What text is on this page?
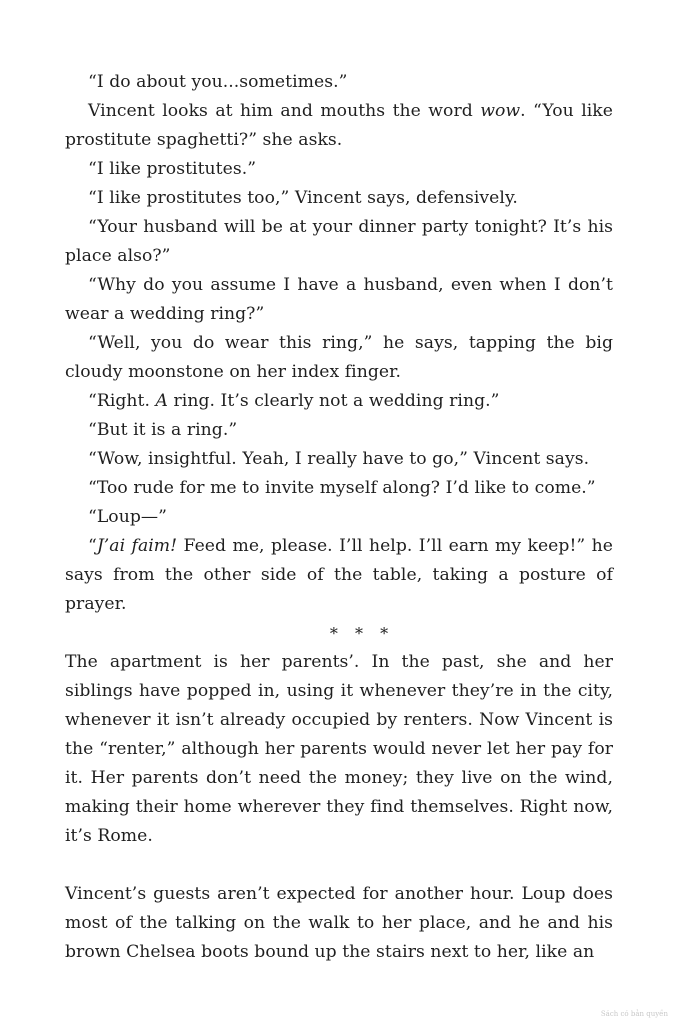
“I do about you...sometimes.”

Vincent looks at him and mouths the word wow. “You like prostitute spaghetti?” she asks.

“I like prostitutes.”

“I like prostitutes too,” Vincent says, defensively.

“Your husband will be at your dinner party tonight? It’s his place also?”

“Why do you assume I have a husband, even when I don’t wear a wedding ring?”

“Well, you do wear this ring,” he says, tapping the big cloudy moonstone on her index finger.

“Right. A ring. It’s clearly not a wedding ring.”

“But it is a ring.”

“Wow, insightful. Yeah, I really have to go,” Vincent says.

“Too rude for me to invite myself along? I’d like to come.”

“Loup—”

“J’ai faim! Feed me, please. I’ll help. I’ll earn my keep!” he says from the other side of the table, taking a posture of prayer.

* * *

The apartment is her parents’. In the past, she and her siblings have popped in, using it whenever they’re in the city, whenever it isn’t already occupied by renters. Now Vincent is the “renter,” although her parents would never let her pay for it. Her parents don’t need the money; they live on the wind, making their home wherever they find themselves. Right now, it’s Rome.

Vincent’s guests aren’t expected for another hour. Loup does most of the talking on the walk to her place, and he and his brown Chelsea boots bound up the stairs next to her, like an

Sách có bản quyền
